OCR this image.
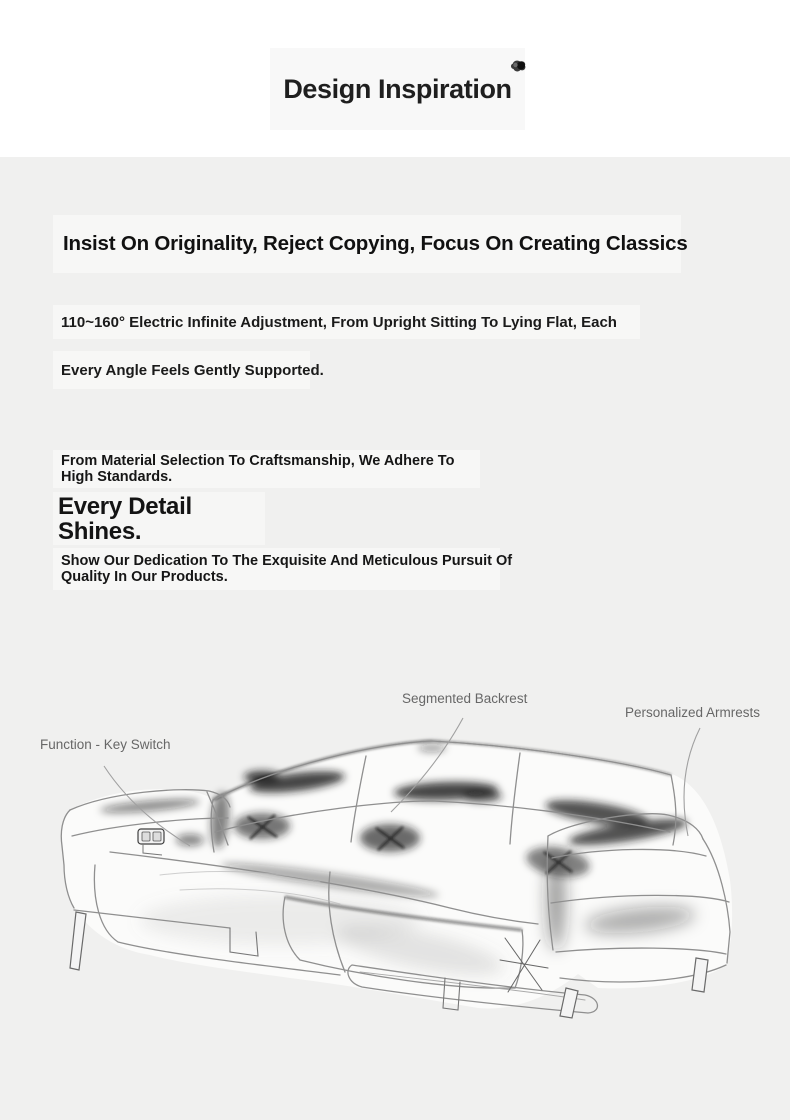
Design Inspiration
Insist On Originality, Reject Copying, Focus On Creating Classics
110~160° Electric Infinite Adjustment, From Upright Sitting To Lying Flat, Each
Every Angle Feels Gently Supported.
From Material Selection To Craftsmanship, We Adhere To
High Standards.
Every Detail
Shines.
Show Our Dedication To The Exquisite And Meticulous Pursuit Of
Quality In Our Products.
Function - Key Switch
Segmented Backrest
Personalized Armrests
